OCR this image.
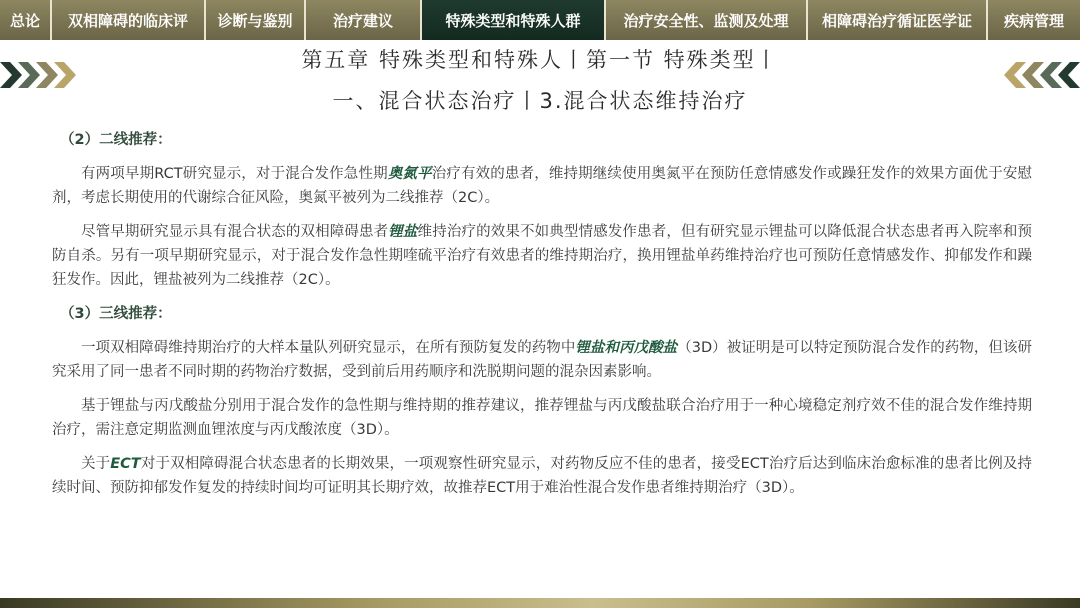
总论	双相障碍的临床评	诊断与鉴别	治疗建议	特殊类型和特殊人群	治疗安全性、监测及处理	相障碍治疗循证医学证	疾病管理
第五章 特殊类型和特殊人丨第一节 特殊类型丨
一、混合状态治疗丨3.混合状态维持治疗
（2）二线推荐：

有两项早期RCT研究显示，对于混合发作急性期奥氮平治疗有效的患者，维持期继续使用奥氮平在预防任意情感发作或躁狂发作的效果方面优于安慰剂，考虑长期使用的代谢综合征风险，奥氮平被列为二线推荐（2C）。

尽管早期研究显示具有混合状态的双相障碍患者锂盐维持治疗的效果不如典型情感发作患者，但有研究显示锂盐可以降低混合状态患者再入院率和预防自杀。另有一项早期研究显示，对于混合发作急性期喹硫平治疗有效患者的维持期治疗，换用锂盐单药维持治疗也可预防任意情感发作、抑郁发作和躁狂发作。因此，锂盐被列为二线推荐（2C）。

（3）三线推荐：

一项双相障碍维持期治疗的大样本量队列研究显示，在所有预防复发的药物中锂盐和丙戊酸盐（3D）被证明是可以特定预防混合发作的药物，但该研究采用了同一患者不同时期的药物治疗数据，受到前后用药顺序和洗脱期问题的混杂因素影响。

基于锂盐与丙戊酸盐分别用于混合发作的急性期与维持期的推荐建议，推荐锂盐与丙戊酸盐联合治疗用于一种心境稳定剂疗效不佳的混合发作维持期治疗，需注意定期监测血锂浓度与丙戊酸浓度（3D）。

关于ECT对于双相障碍混合状态患者的长期效果，一项观察性研究显示，对药物反应不佳的患者，接受ECT治疗后达到临床治愈标准的患者比例及持续时间、预防抑郁发作复发的持续时间均可证明其长期疗效，故推荐ECT用于难治性混合发作患者维持期治疗（3D）。
